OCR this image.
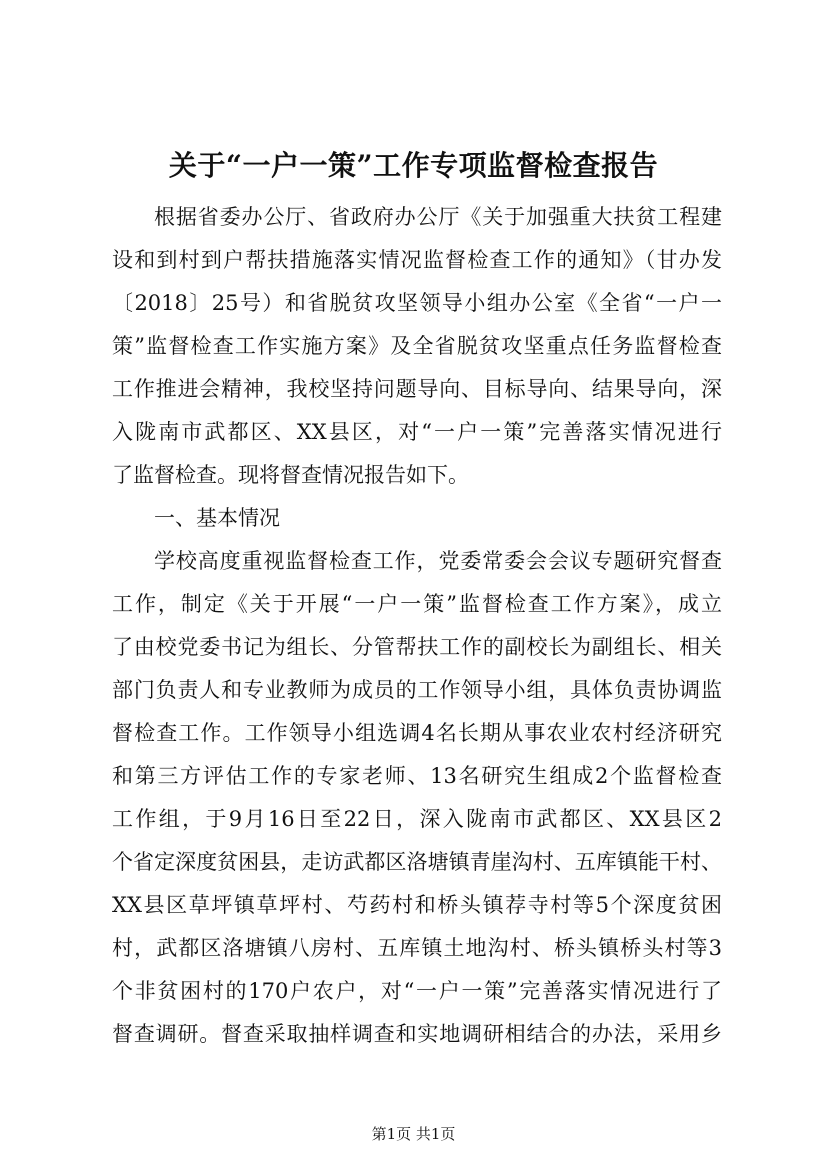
关于“一户一策”工作专项监督检查报告
根据省委办公厅、省政府办公厅《关于加强重大扶贫工程建
设和到村到户帮扶措施落实情况监督检查工作的通知》（甘办发
〔2018〕25号）和省脱贫攻坚领导小组办公室《全省“一户一
策”监督检查工作实施方案》及全省脱贫攻坚重点任务监督检查
工作推进会精神，我校坚持问题导向、目标导向、结果导向，深
入陇南市武都区、XX县区，对“一户一策”完善落实情况进行
了监督检查。现将督查情况报告如下。
一、基本情况
学校高度重视监督检查工作，党委常委会会议专题研究督查
工作，制定《关于开展“一户一策”监督检查工作方案》，成立
了由校党委书记为组长、分管帮扶工作的副校长为副组长、相关
部门负责人和专业教师为成员的工作领导小组，具体负责协调监
督检查工作。工作领导小组选调4名长期从事农业农村经济研究
和第三方评估工作的专家老师、13名研究生组成2个监督检查
工作组，于9月16日至22日，深入陇南市武都区、XX县区2
个省定深度贫困县，走访武都区洛塘镇青崖沟村、五库镇能干村、
XX县区草坪镇草坪村、芍药村和桥头镇荐寺村等5个深度贫困
村，武都区洛塘镇八房村、五库镇土地沟村、桥头镇桥头村等3
个非贫困村的170户农户，对“一户一策”完善落实情况进行了
督查调研。督查采取抽样调查和实地调研相结合的办法，采用乡
第1页 共1页
